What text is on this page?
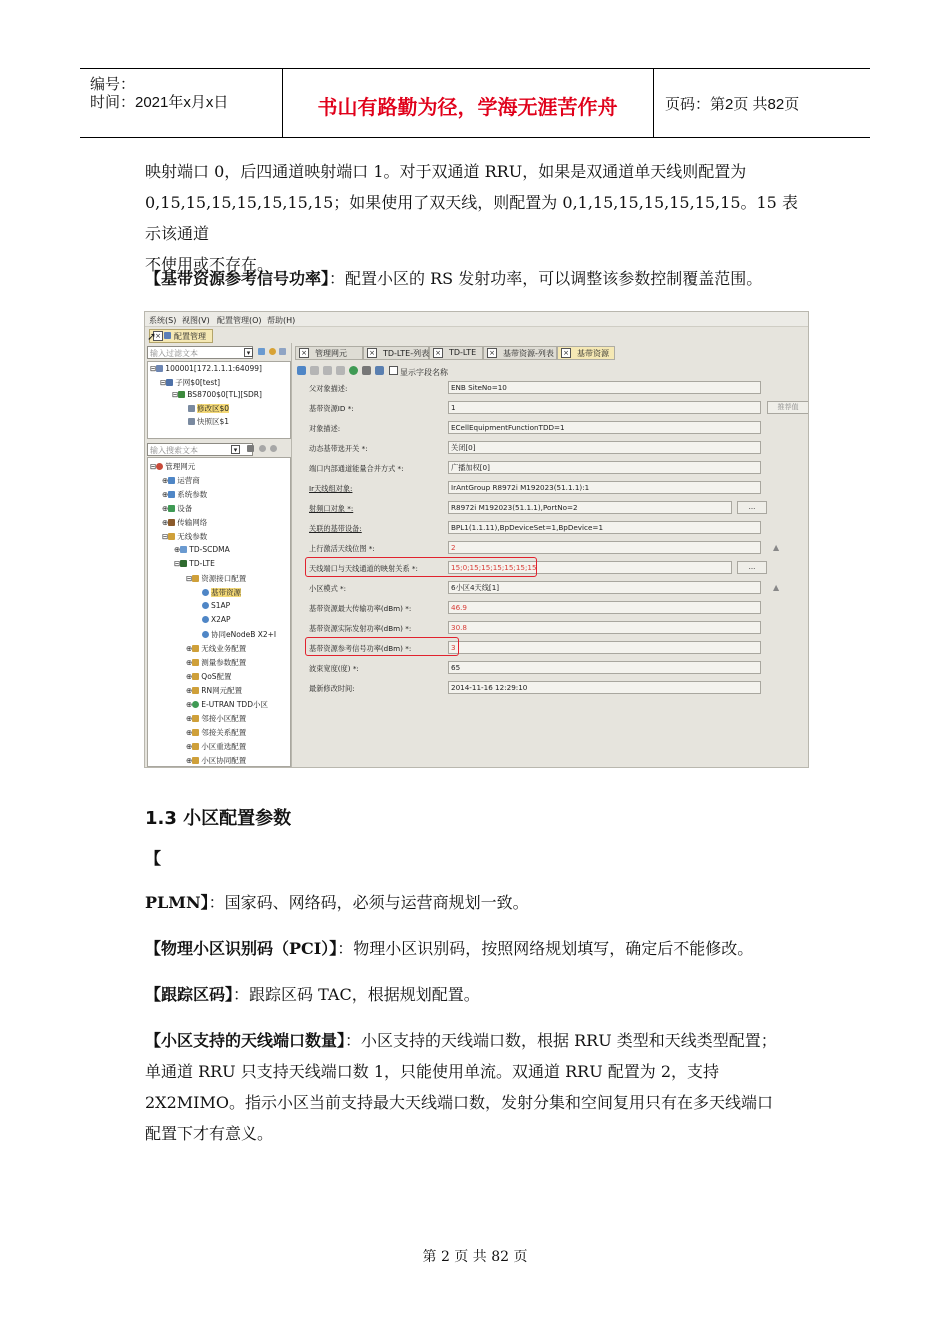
编号：
时间：2021年x月x日	书山有路勤为径，学海无涯苦作舟	页码：第2页 共82页
映射端口 0，后四通道映射端口 1。对于双通道 RRU，如果是双通道单天线则配置为
0,15,15,15,15,15,15,15；如果使用了双天线，则配置为 0,1,15,15,15,15,15,15。15 表示该通道
不使用或不存在。
【基带资源参考信号功率】：配置小区的 RS 发射功率，可以调整该参数控制覆盖范围。
系统(S) 视图(V) 配置管理(O) 帮助(H)
× 配置管理
➚
输入过滤文本	▾
⊟ 100001[172.1.1.1:64099]
⊟ 子网$0[test]
⊟ BS8700$0[TL][SDR]
修改区$0
快照区$1
输入搜索文本	▾
⊟ 管理网元
⊕ 运营商
⊕ 系统参数
⊕ 设备
⊕ 传输网络
⊟ 无线参数
⊕ TD-SCDMA
⊟ TD-LTE
⊟ 资源接口配置
基带资源
S1AP
X2AP
协同eNodeB X2+I
⊕ 无线业务配置
⊕ 测量参数配置
⊕ QoS配置
⊕ RN网元配置
⊕ E-UTRAN TDD小区
⊕ 邻接小区配置
⊕ 邻接关系配置
⊕ 小区重选配置
⊕ 小区协同配置
× 管理网元	× TD-LTE-列表 × TD-LTE × 基带资源-列表 × 基带资源
显示字段名称
父对象描述:	ENB SiteNo=10
基带资源ID *:	1	推荐值
对象描述:	ECellEquipmentFunctionTDD=1
动态基带选开关 *:	关闭[0]
端口内部通道能量合并方式 *:	广播加权[0]
Ir天线组对象:	IrAntGroup R8972i M192023(51.1.1):1
射频口对象 *:	R8972i M192023(51.1.1),PortNo=2	...
关联的基带设备:	BPL1(1.1.11),BpDeviceSet=1,BpDevice=1
上行激活天线位图 *:	2	▲
天线端口与天线通道的映射关系 *:	15;0;15;15;15;15;15;15	...
小区模式 *:	6小区4天线[1]	▲
基带资源最大传输功率(dBm) *:	46.9
基带资源实际发射功率(dBm) *:	30.8
基带资源参考信号功率(dBm) *:	3
波束宽度(度) *:	65
最新修改时间:	2014-11-16 12:29:10
1.3 小区配置参数
【
PLMN】：国家码、网络码，必须与运营商规划一致。
【物理小区识别码（PCI）】：物理小区识别码，按照网络规划填写，确定后不能修改。
【跟踪区码】：跟踪区码 TAC，根据规划配置。
【小区支持的天线端口数量】：小区支持的天线端口数，根据 RRU 类型和天线类型配置；
单通道 RRU 只支持天线端口数 1，只能使用单流。双通道 RRU 配置为 2，支持
2X2MIMO。指示小区当前支持最大天线端口数，发射分集和空间复用只有在多天线端口
配置下才有意义。
第 2 页 共 82 页
